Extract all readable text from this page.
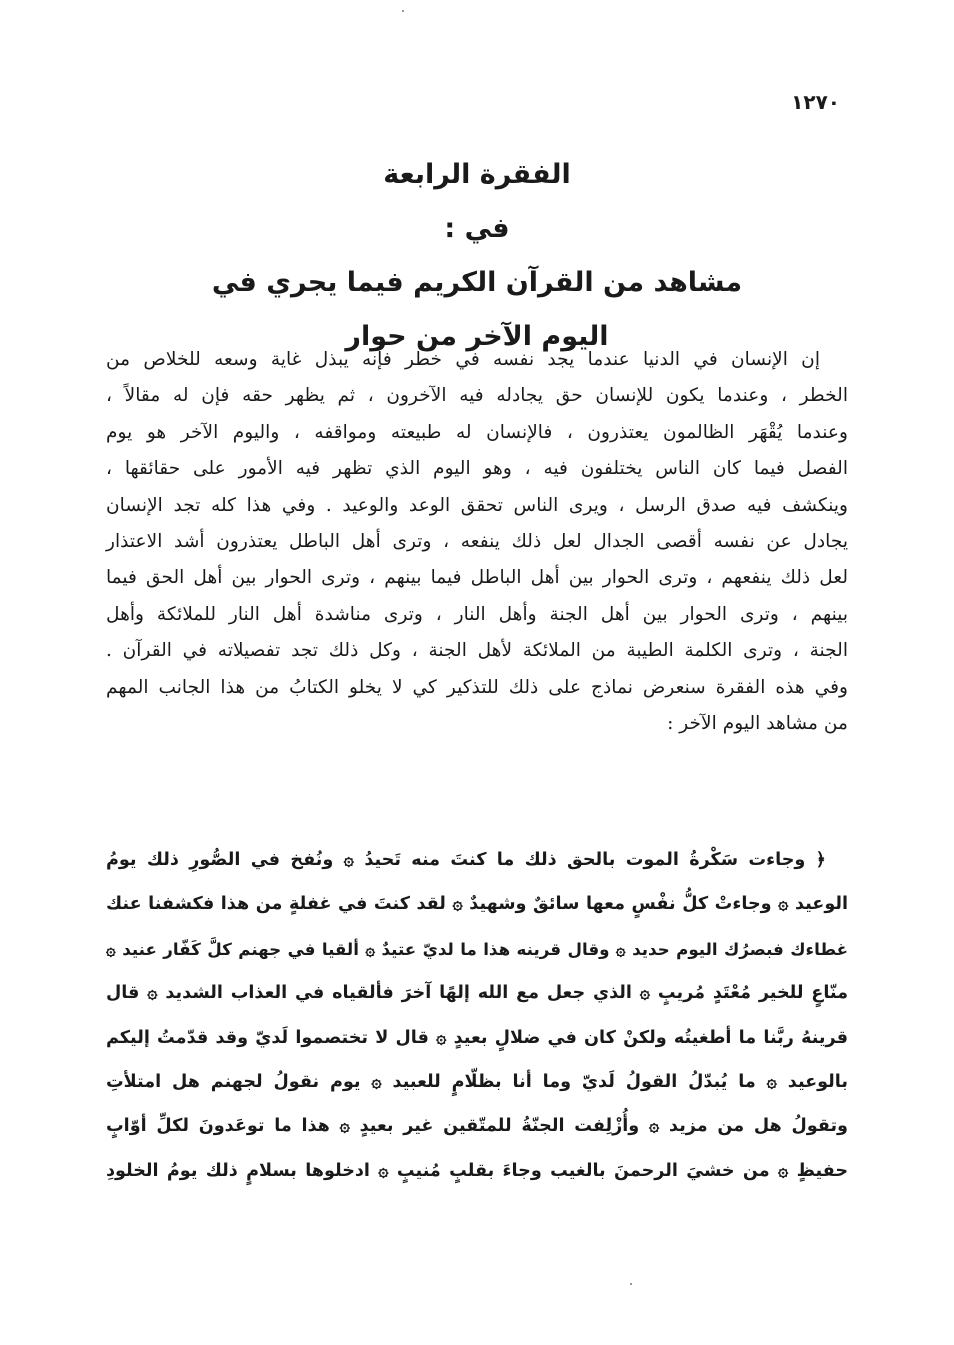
١٢٧٠
الفقرة الرابعة
في :
مشاهد من القرآن الكريم فيما يجري في
اليوم الآخر من حوار
إن الإنسان في الدنيا عندما يجد نفسه في خطر فإنه يبذل غاية وسعه للخلاص من
الخطر ، وعندما يكون للإنسان حق يجادله فيه الآخرون ، ثم يظهر حقه فإن له مقالاً ،
وعندما يُقْهَر الظالمون يعتذرون ، فالإنسان له طبيعته ومواقفه ، واليوم الآخر هو يوم
الفصل فيما كان الناس يختلفون فيه ، وهو اليوم الذي تظهر فيه الأمور على حقائقها ،
وينكشف فيه صدق الرسل ، ويرى الناس تحقق الوعد والوعيد . وفي هذا كله تجد الإنسان
يجادل عن نفسه أقصى الجدال لعل ذلك ينفعه ، وترى أهل الباطل يعتذرون أشد الاعتذار
لعل ذلك ينفعهم ، وترى الحوار بين أهل الباطل فيما بينهم ، وترى الحوار بين أهل الحق فيما
بينهم ، وترى الحوار بين أهل الجنة وأهل النار ، وترى مناشدة أهل النار للملائكة وأهل
الجنة ، وترى الكلمة الطيبة من الملائكة لأهل الجنة ، وكل ذلك تجد تفصيلاته في القرآن .
وفي هذه الفقرة سنعرض نماذج على ذلك للتذكير كي لا يخلو الكتابُ من هذا الجانب المهم
من مشاهد اليوم الآخر :
﴿ وجاءت سَكْرةُ الموت بالحق ذلك ما كنتَ منه تَحيدُ ۞ ونُفخ في الصُّورِ ذلك يومُ
الوعيد ۞ وجاءتْ كلُّ نفْسٍ معها سائقٌ وشهيدٌ ۞ لقد كنتَ في غفلةٍ من هذا فكشفنا عنك
غطاءك فبصرُك اليوم حديد ۞ وقال قرينه هذا ما لديّ عتيدٌ ۞ ألقيا في جهنم كلَّ كَفّار عنيد ۞
منّاعٍ للخير مُعْتَدٍ مُريبٍ ۞ الذي جعل مع الله إلهًا آخرَ فألقياه في العذاب الشديد ۞ قال
قرينهُ ربَّنا ما أطغيتُه ولكنْ كان في ضلالٍ بعيدٍ ۞ قال لا تختصموا لَديّ وقد قدّمتُ إليكم
بالوعيد ۞ ما يُبدّلُ القولُ لَديّ وما أنا بظلّامٍ للعبيد ۞ يوم نقولُ لجهنم هل امتلأتِ
وتقولُ هل من مزيد ۞ وأُزْلِفت الجنّةُ للمتّقين غير بعيدٍ ۞ هذا ما توعَدونَ لكلِّ أوّابٍ
حفيظٍ ۞ من خشيَ الرحمنَ بالغيب وجاءَ بقلبٍ مُنيبٍ ۞ ادخلوها بسلامٍ ذلك يومُ الخلودِ
